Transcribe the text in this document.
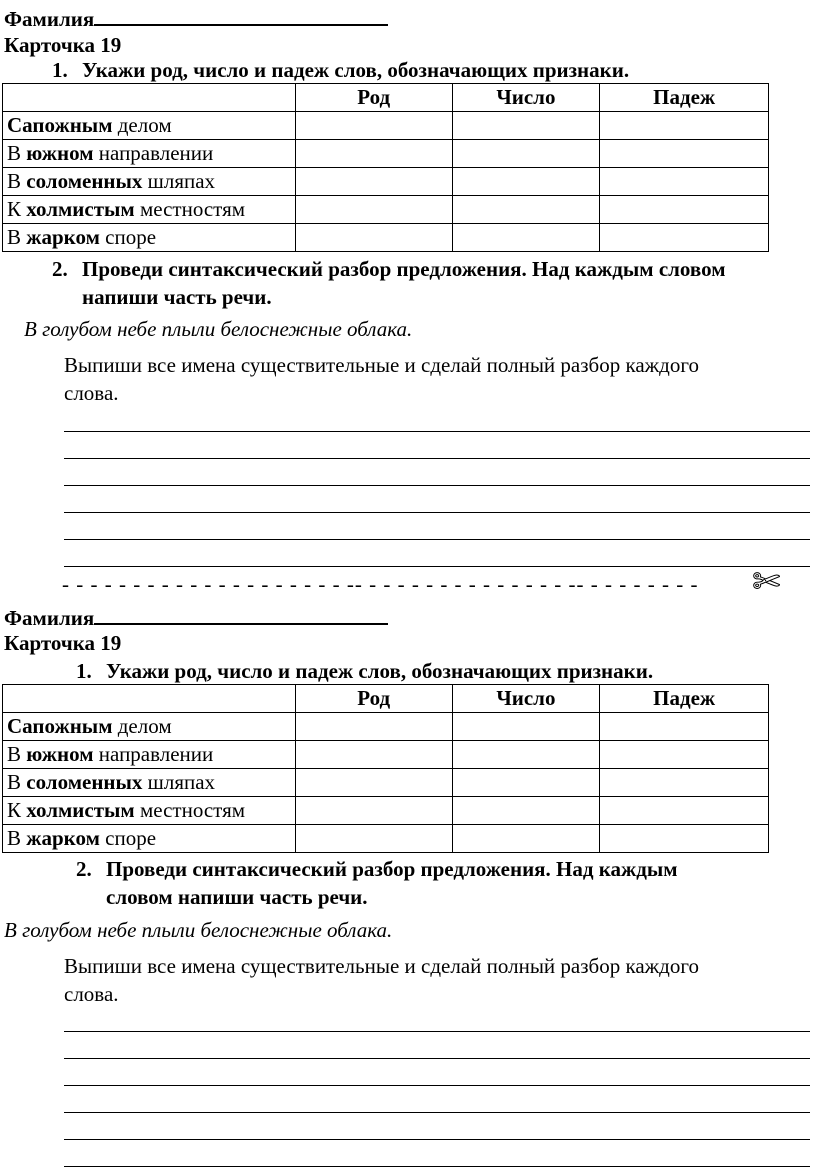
Фамилия
Карточка 19
1. Укажи род, число и падеж слов, обозначающих признаки.
	Род	Число	Падеж
Сапожным делом			
В южном направлении			
В соломенных шляпах			
К холмистым местностям			
В жарком споре			
2. Проведи синтаксический разбор предложения. Над каждым словом
напиши часть речи.
В голубом небе плыли белоснежные облака.
Выпиши все имена существительные и сделай полный разбор каждого
слова.
- - - - - - - - - - - - - - - - - - - - -- - - - - - - - - - - - - - - -- - - - - - - - -	✄
Фамилия
Карточка 19
1. Укажи род, число и падеж слов, обозначающих признаки.
	Род	Число	Падеж
Сапожным делом			
В южном направлении			
В соломенных шляпах			
К холмистым местностям			
В жарком споре			
2. Проведи синтаксический разбор предложения. Над каждым
словом напиши часть речи.
В голубом небе плыли белоснежные облака.
Выпиши все имена существительные и сделай полный разбор каждого
слова.
